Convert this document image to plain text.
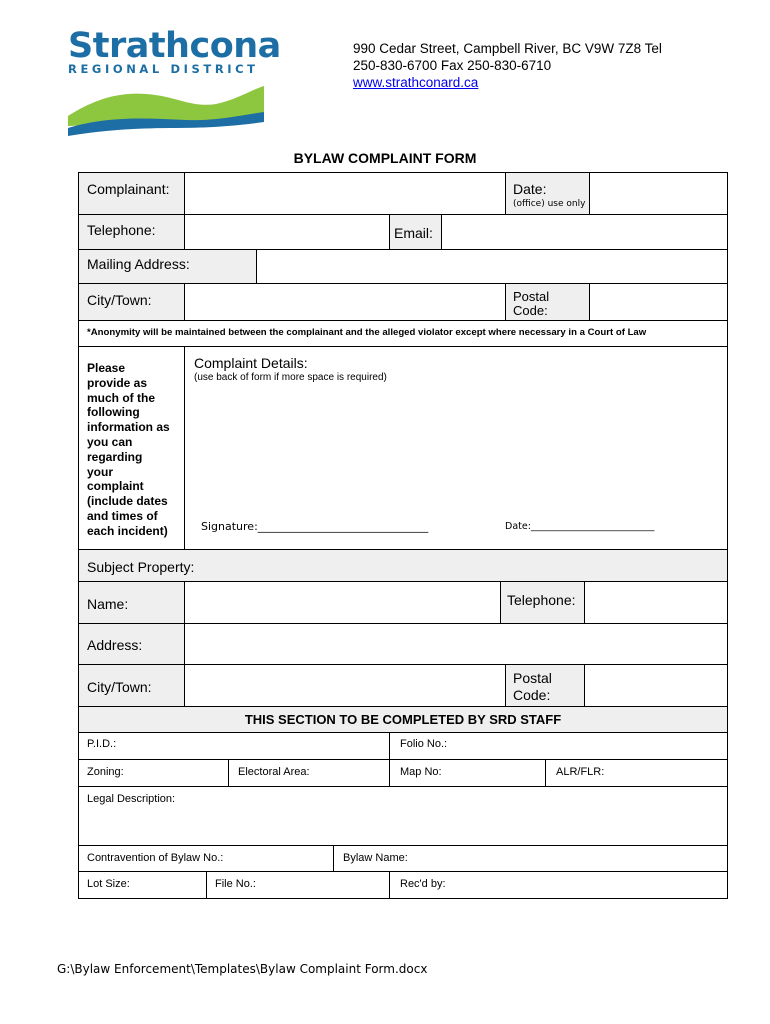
Strathcona
REGIONAL DISTRICT
990 Cedar Street, Campbell River, BC V9W 7Z8 Tel
250-830-6700 Fax 250-830-6710
www.strathconard.ca
BYLAW COMPLAINT FORM
Complainant:	Date:
(office) use only
Telephone:	Email:
Mailing Address:
City/Town:	Postal
Code:
*Anonymity will be maintained between the complainant and the alleged violator except where necessary in a Court of Law
Please
provide as
much of the
following
information as
you can
regarding
your
complaint
(include dates
and times of
each incident)
Complaint Details:
(use back of form if more space is required)
Signature:_______________________________	Date:__________________________
Subject Property:
Name:	Telephone:
Address:
City/Town:
Postal
Code:
THIS SECTION TO BE COMPLETED BY SRD STAFF
P.I.D.:	Folio No.:
Zoning:	Electoral Area:	Map No:	ALR/FLR:
Legal Description:
Contravention of Bylaw No.:	Bylaw Name:
Lot Size:	File No.:	Rec'd by:
G:\Bylaw Enforcement\Templates\Bylaw Complaint Form.docx
